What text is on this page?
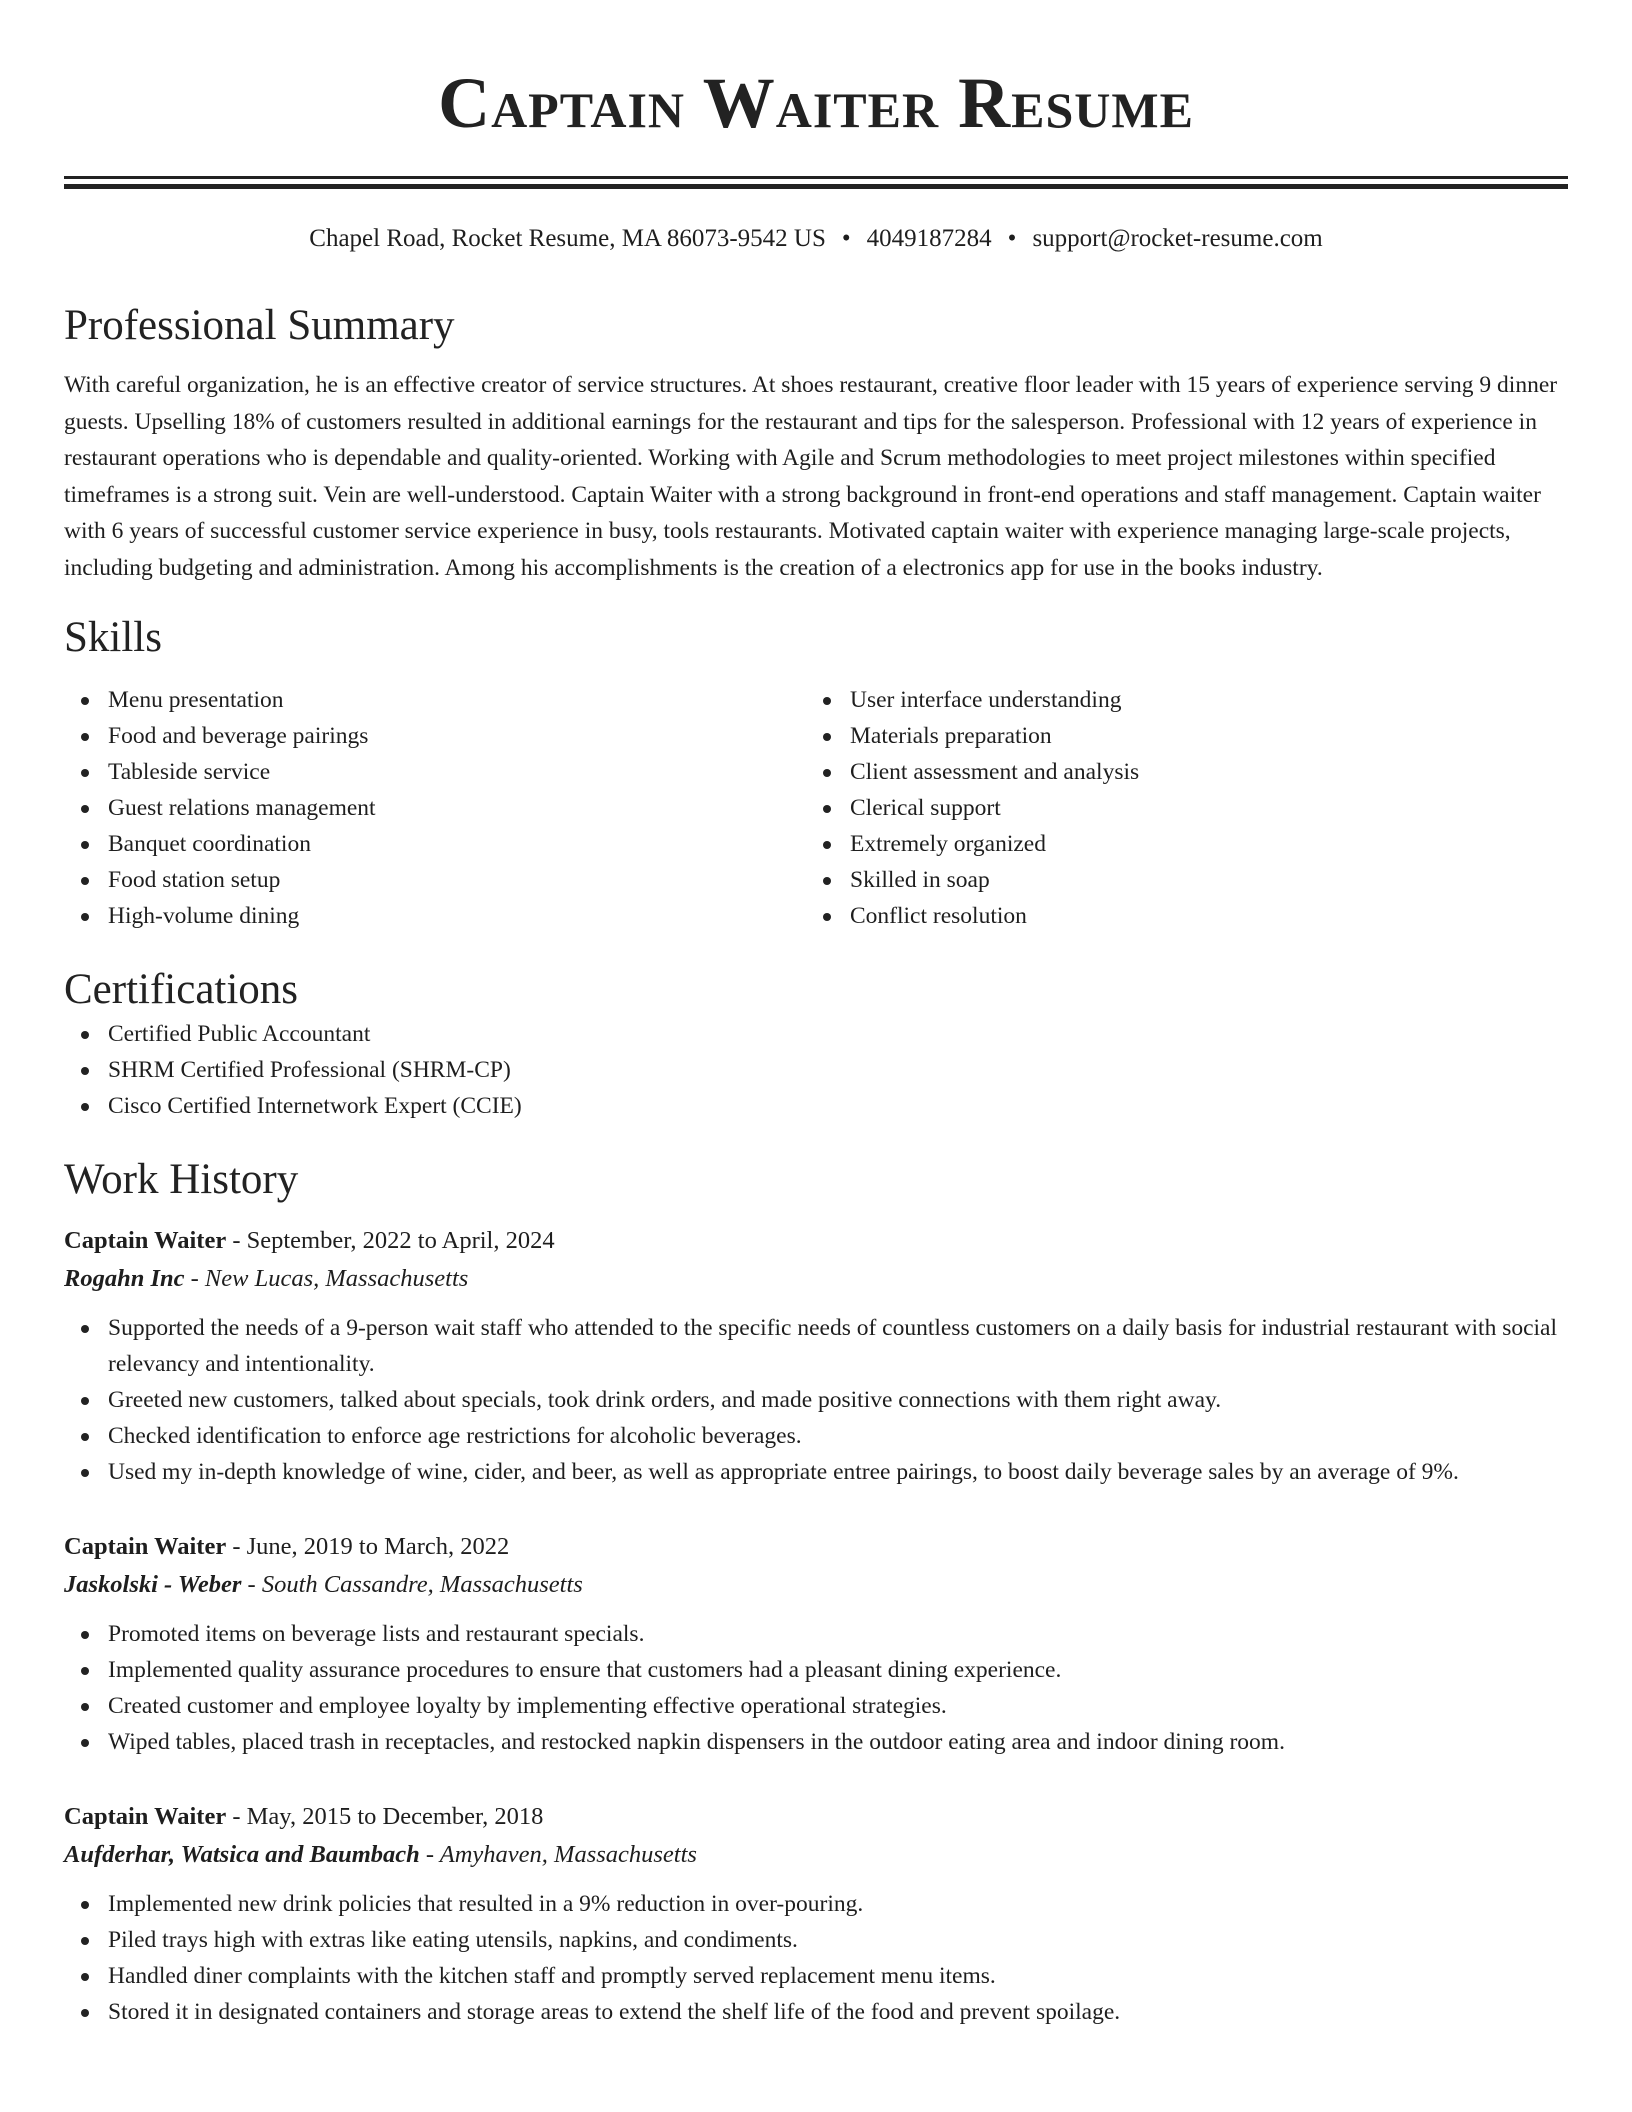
Captain Waiter Resume
Chapel Road, Rocket Resume, MA 86073-9542 US • 4049187284 • support@rocket-resume.com
Professional Summary

With careful organization, he is an effective creator of service structures. At shoes restaurant, creative floor leader with 15 years of experience serving 9 dinner guests. Upselling 18% of customers resulted in additional earnings for the restaurant and tips for the salesperson. Professional with 12 years of experience in restaurant operations who is dependable and quality-oriented. Working with Agile and Scrum methodologies to meet project milestones within specified timeframes is a strong suit. Vein are well-understood. Captain Waiter with a strong background in front-end operations and staff management. Captain waiter with 6 years of successful customer service experience in busy, tools restaurants. Motivated captain waiter with experience managing large-scale projects, including budgeting and administration. Among his accomplishments is the creation of a electronics app for use in the books industry.

Skills
Menu presentation
Food and beverage pairings
Tableside service
Guest relations management
Banquet coordination
Food station setup
High-volume dining
User interface understanding
Materials preparation
Client assessment and analysis
Clerical support
Extremely organized
Skilled in soap
Conflict resolution
Certifications
Certified Public Accountant
SHRM Certified Professional (SHRM-CP)
Cisco Certified Internetwork Expert (CCIE)
Work History
Captain Waiter - September, 2022 to April, 2024
Rogahn Inc - New Lucas, Massachusetts
Supported the needs of a 9-person wait staff who attended to the specific needs of countless customers on a daily basis for industrial restaurant with social relevancy and intentionality.
Greeted new customers, talked about specials, took drink orders, and made positive connections with them right away.
Checked identification to enforce age restrictions for alcoholic beverages.
Used my in-depth knowledge of wine, cider, and beer, as well as appropriate entree pairings, to boost daily beverage sales by an average of 9%.
Captain Waiter - June, 2019 to March, 2022
Jaskolski - Weber - South Cassandre, Massachusetts
Promoted items on beverage lists and restaurant specials.
Implemented quality assurance procedures to ensure that customers had a pleasant dining experience.
Created customer and employee loyalty by implementing effective operational strategies.
Wiped tables, placed trash in receptacles, and restocked napkin dispensers in the outdoor eating area and indoor dining room.
Captain Waiter - May, 2015 to December, 2018
Aufderhar, Watsica and Baumbach - Amyhaven, Massachusetts
Implemented new drink policies that resulted in a 9% reduction in over-pouring.
Piled trays high with extras like eating utensils, napkins, and condiments.
Handled diner complaints with the kitchen staff and promptly served replacement menu items.
Stored it in designated containers and storage areas to extend the shelf life of the food and prevent spoilage.
